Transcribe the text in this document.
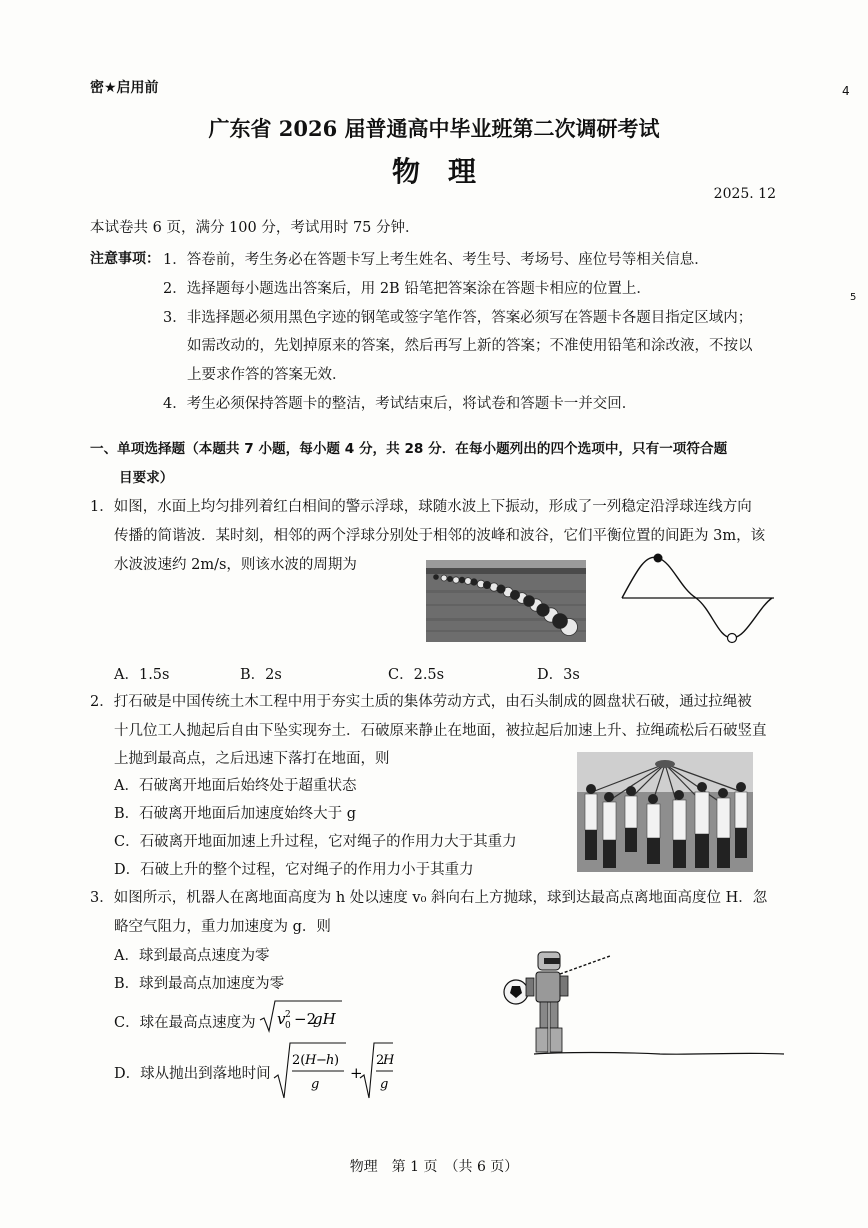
密★启用前	4
5
广东省 2026 届普通高中毕业班第二次调研考试
物理
2025. 12
本试卷共 6 页，满分 100 分，考试用时 75 分钟．
注意事项： 1．答卷前，考生务必在答题卡写上考生姓名、考生号、考场号、座位号等相关信息．
2．选择题每小题选出答案后，用 2B 铅笔把答案涂在答题卡相应的位置上．
3．非选择题必须用黑色字迹的钢笔或签字笔作答，答案必须写在答题卡各题目指定区域内；
如需改动的，先划掉原来的答案，然后再写上新的答案；不准使用铅笔和涂改液，不按以
上要求作答的答案无效．
4．考生必须保持答题卡的整洁，考试结束后，将试卷和答题卡一并交回．
一、单项选择题（本题共 7 小题，每小题 4 分，共 28 分．在每小题列出的四个选项中，只有一项符合题
目要求）
1．如图，水面上均匀排列着红白相间的警示浮球，球随水波上下振动，形成了一列稳定沿浮球连线方向
传播的简谐波．某时刻，相邻的两个浮球分别处于相邻的波峰和波谷，它们平衡位置的间距为 3m，该
水波波速约 2m/s，则该水波的周期为
A．1.5s	B．2s	C．2.5s	D．3s
2．打石破是中国传统土木工程中用于夯实土质的集体劳动方式，由石头制成的圆盘状石破，通过拉绳被
十几位工人抛起后自由下坠实现夯土．石破原来静止在地面，被拉起后加速上升、拉绳疏松后石破竖直
上抛到最高点，之后迅速下落打在地面，则
A．石破离开地面后始终处于超重状态
B．石破离开地面后加速度始终大于 g
C．石破离开地面加速上升过程，它对绳子的作用力大于其重力
D．石破上升的整个过程，它对绳子的作用力小于其重力
3．如图所示，机器人在离地面高度为 h 处以速度 v₀ 斜向右上方抛球，球到达最高点离地面高度位 H．忽
略空气阻力，重力加速度为 g．则
A．球到最高点速度为零
B．球到最高点加速度为零
C．球在最高点速度为 v 2
0 −2
gH
D．球从抛出到落地时间
2( H − h )
g
+
2
H
g
物理　第 1 页　（共 6 页）
